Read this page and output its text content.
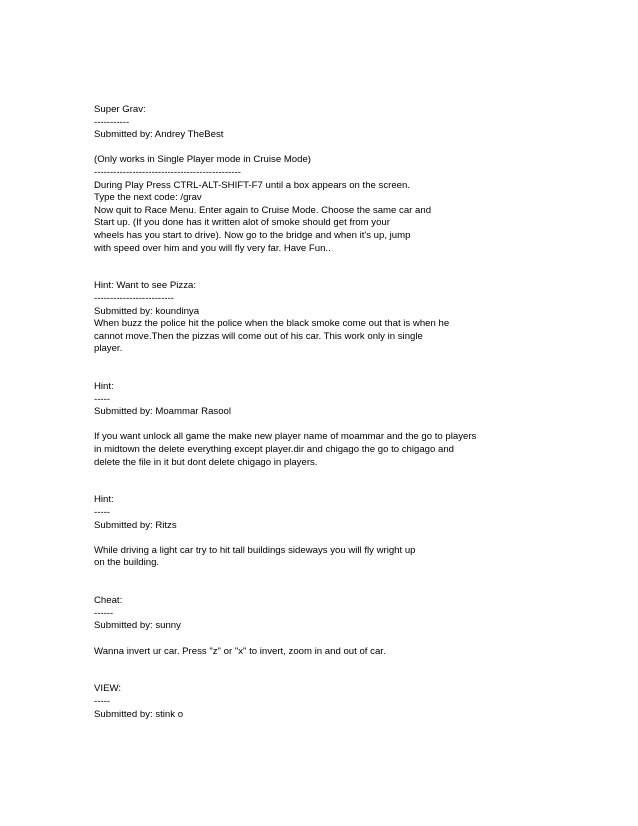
Super Grav:
-----------
Submitted by: Andrey TheBest
(Only works in Single Player mode in Cruise Mode)
----------------------------------------------
During Play Press CTRL-ALT-SHIFT-F7 until a box appears on the screen.
Type the next code: /grav
Now quit to Race Menu. Enter again to Cruise Mode. Choose the same car and
Start up. (If you done has it written alot of smoke should get from your
wheels has you start to drive). Now go to the bridge and when it's up, jump
with speed over him and you will fly very far. Have Fun..
Hint: Want to see Pizza:
-------------------------
Submitted by: koundinya
When buzz the police hit the police when the black smoke come out that is when he
cannot move.Then the pizzas will come out of his car. This work only in single
player.
Hint:
-----
Submitted by: Moammar Rasool
If you want unlock all game the make new player name of moammar and the go to players
in midtown the delete everything except player.dir and chigago the go to chigago and
delete the file in it but dont delete chigago in players.
Hint:
-----
Submitted by: Ritzs
While driving a light car try to hit tall buildings sideways you will fly wright up
on the building.
Cheat:
------
Submitted by: sunny
Wanna invert ur car. Press "z" or "x" to invert, zoom in and out of car.
VIEW:
-----
Submitted by: stink o
